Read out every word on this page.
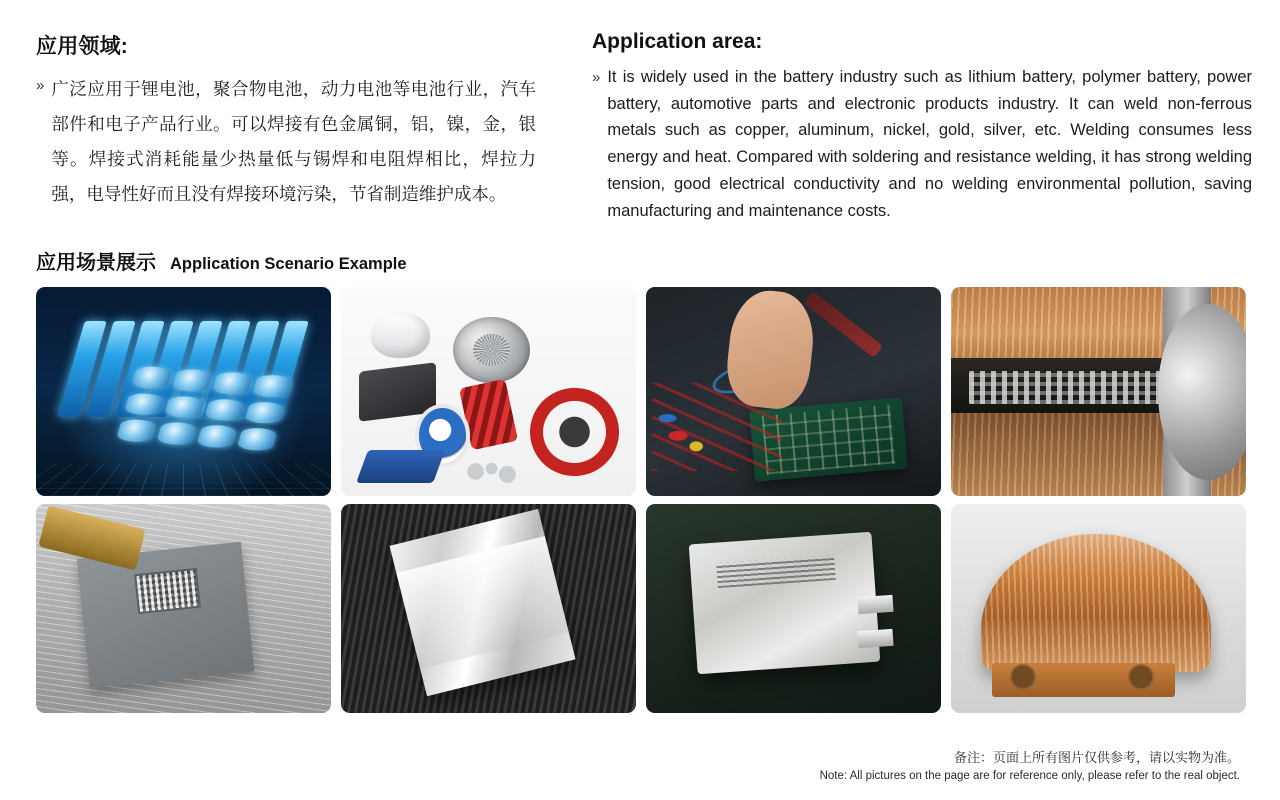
应用领域:
» 广泛应用于锂电池，聚合物电池，动力电池等电池行业，汽车部件和电子产品行业。可以焊接有色金属铜，铝，镍，金，银等。焊接式消耗能量少热量低与锡焊和电阻焊相比，焊拉力强，电导性好而且没有焊接环境污染，节省制造维护成本。

Application area:
» It is widely used in the battery industry such as lithium battery, polymer battery, power battery, automotive parts and electronic products industry. It can weld non-ferrous metals such as copper, aluminum, nickel, gold, silver, etc. Welding consumes less energy and heat. Compared with soldering and resistance welding, it has strong welding tension, good electrical conductivity and no welding environmental pollution, saving manufacturing and maintenance costs.

应用场景展示 Application Scenario Example
备注：页面上所有图片仅供参考，请以实物为准。
Note: All pictures on the page are for reference only, please refer to the real object.
